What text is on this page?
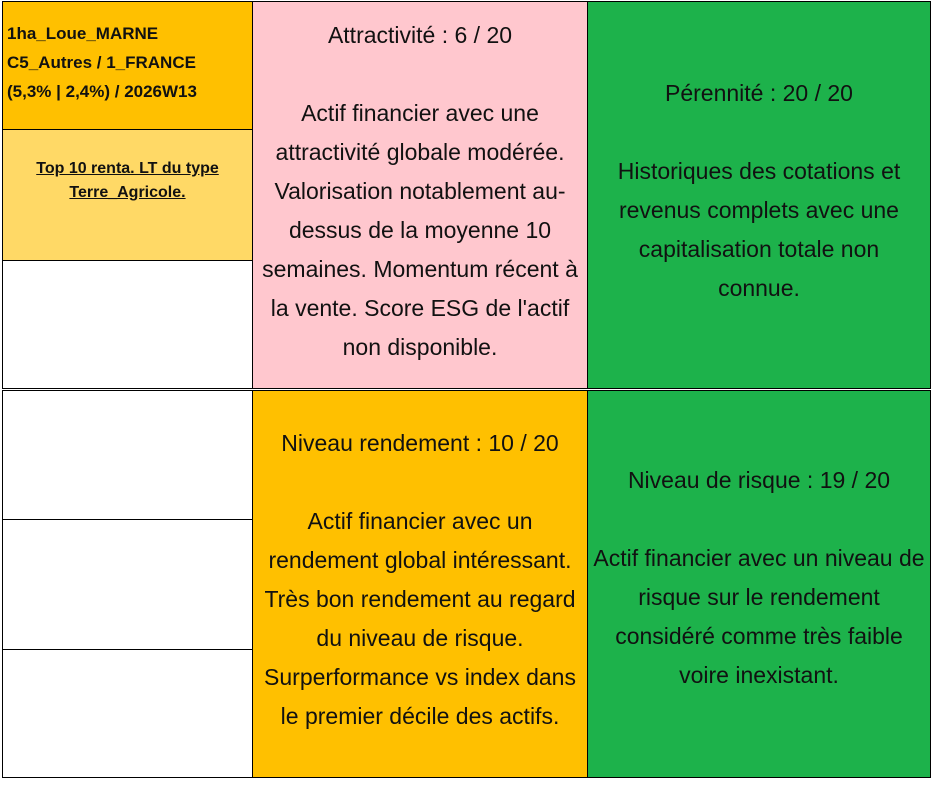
1ha_Loue_MARNE
C5_Autres / 1_FRANCE
(5,3% | 2,4%) / 2026W13
Top 10 renta. LT du type
Terre_Agricole.
Attractivité : 6 / 20
Actif financier avec une
attractivité globale modérée.
Valorisation notablement au-
dessus de la moyenne 10
semaines. Momentum récent à
la vente. Score ESG de l'actif
non disponible.
Pérennité : 20 / 20
Historiques des cotations et
revenus complets avec une
capitalisation totale non
connue.
Niveau rendement : 10 / 20
Actif financier avec un
rendement global intéressant.
Très bon rendement au regard
du niveau de risque.
Surperformance vs index dans
le premier décile des actifs.
Niveau de risque : 19 / 20
Actif financier avec un niveau de
risque sur le rendement
considéré comme très faible
voire inexistant.
